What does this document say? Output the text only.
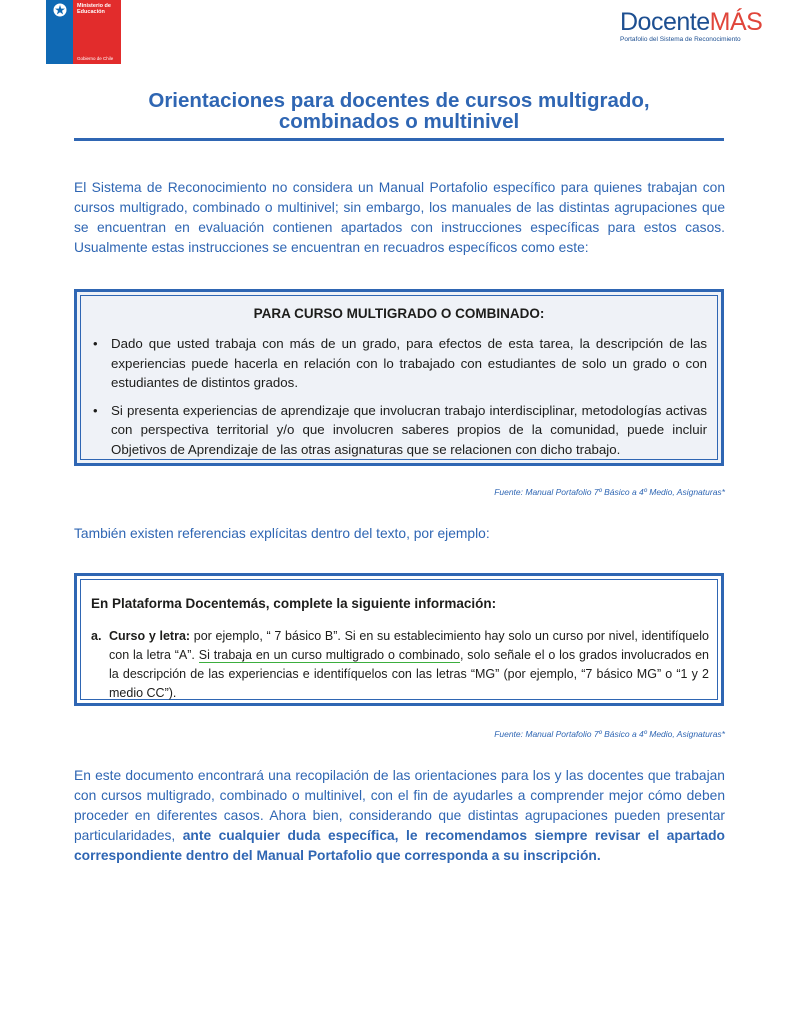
Ministerio de Educación
Gobierno de Chile
DocenteMÁS
Portafolio del Sistema de Reconocimiento
Orientaciones para docentes de cursos multigrado,
combinados o multinivel
El Sistema de Reconocimiento no considera un Manual Portafolio específico para quienes trabajan con cursos multigrado, combinado o multinivel; sin embargo, los manuales de las distintas agrupaciones que se encuentran en evaluación contienen apartados con instrucciones específicas para estos casos. Usualmente estas instrucciones se encuentran en recuadros específicos como este:
PARA CURSO MULTIGRADO O COMBINADO:
• Dado que usted trabaja con más de un grado, para efectos de esta tarea, la descripción de las experiencias puede hacerla en relación con lo trabajado con estudiantes de solo un grado o con estudiantes de distintos grados.
• Si presenta experiencias de aprendizaje que involucran trabajo interdisciplinar, metodologías activas con perspectiva territorial y/o que involucren saberes propios de la comunidad, puede incluir Objetivos de Aprendizaje de las otras asignaturas que se relacionen con dicho trabajo.
Fuente: Manual Portafolio 7º Básico a 4º Medio, Asignaturas*
También existen referencias explícitas dentro del texto, por ejemplo:
En Plataforma Docentemás, complete la siguiente información:
a. Curso y letra: por ejemplo, “ 7 básico B”. Si en su establecimiento hay solo un curso por nivel, identifíquelo con la letra “A”. Si trabaja en un curso multigrado o combinado, solo señale el o los grados involucrados en la descripción de las experiencias e identifíquelos con las letras “MG” (por ejemplo, “7 básico MG” o “1 y 2 medio CC”).
Fuente: Manual Portafolio 7º Básico a 4º Medio, Asignaturas*
En este documento encontrará una recopilación de las orientaciones para los y las docentes que trabajan con cursos multigrado, combinado o multinivel, con el fin de ayudarles a comprender mejor cómo deben proceder en diferentes casos. Ahora bien, considerando que distintas agrupaciones pueden presentar particularidades, ante cualquier duda específica, le recomendamos siempre revisar el apartado correspondiente dentro del Manual Portafolio que corresponda a su inscripción.
